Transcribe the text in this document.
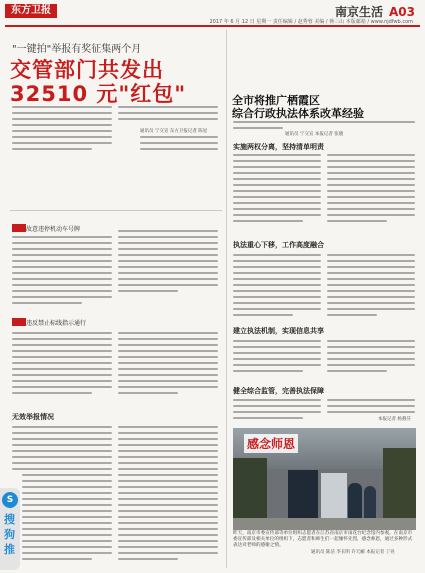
东方卫报	南京生活 A03
2017 年 6 月 12 日 星期一 责任编辑 / 赵秀蓉 美编 / 蒋三山 本版邮箱 / www.njdfwb.com
"一键拍"举报有奖征集两个月
交管部门共发出
32510 元"红包"
通讯员 宁交宣 东方卫报记者 陈星
故意违停机动车号牌
违反禁止标线指示通行
无效举报情况
全市将推广栖霞区
综合行政执法体系改革经验
通讯员 宁交宣 本报记者 张晓
实施两权分离，坚持清单明责
执法重心下移，工作高度融合
建立执法机制，实现信息共享
健全综合监管，完善执法保障
本报记者 杨燕芬
感念师恩
昨天，南京市委宣传部等单位组织志愿者在江苏省南京市雨花台纪念馆内参观。在南京市委宣传部及相关单位的组织下，志愿者和师生们一起缅怀先烈，感念师恩，通过多种形式表达对老师的感谢之情。
通讯员 陈洁 李长明 许天郦 本报记者 丁亮
S
搜狗推
